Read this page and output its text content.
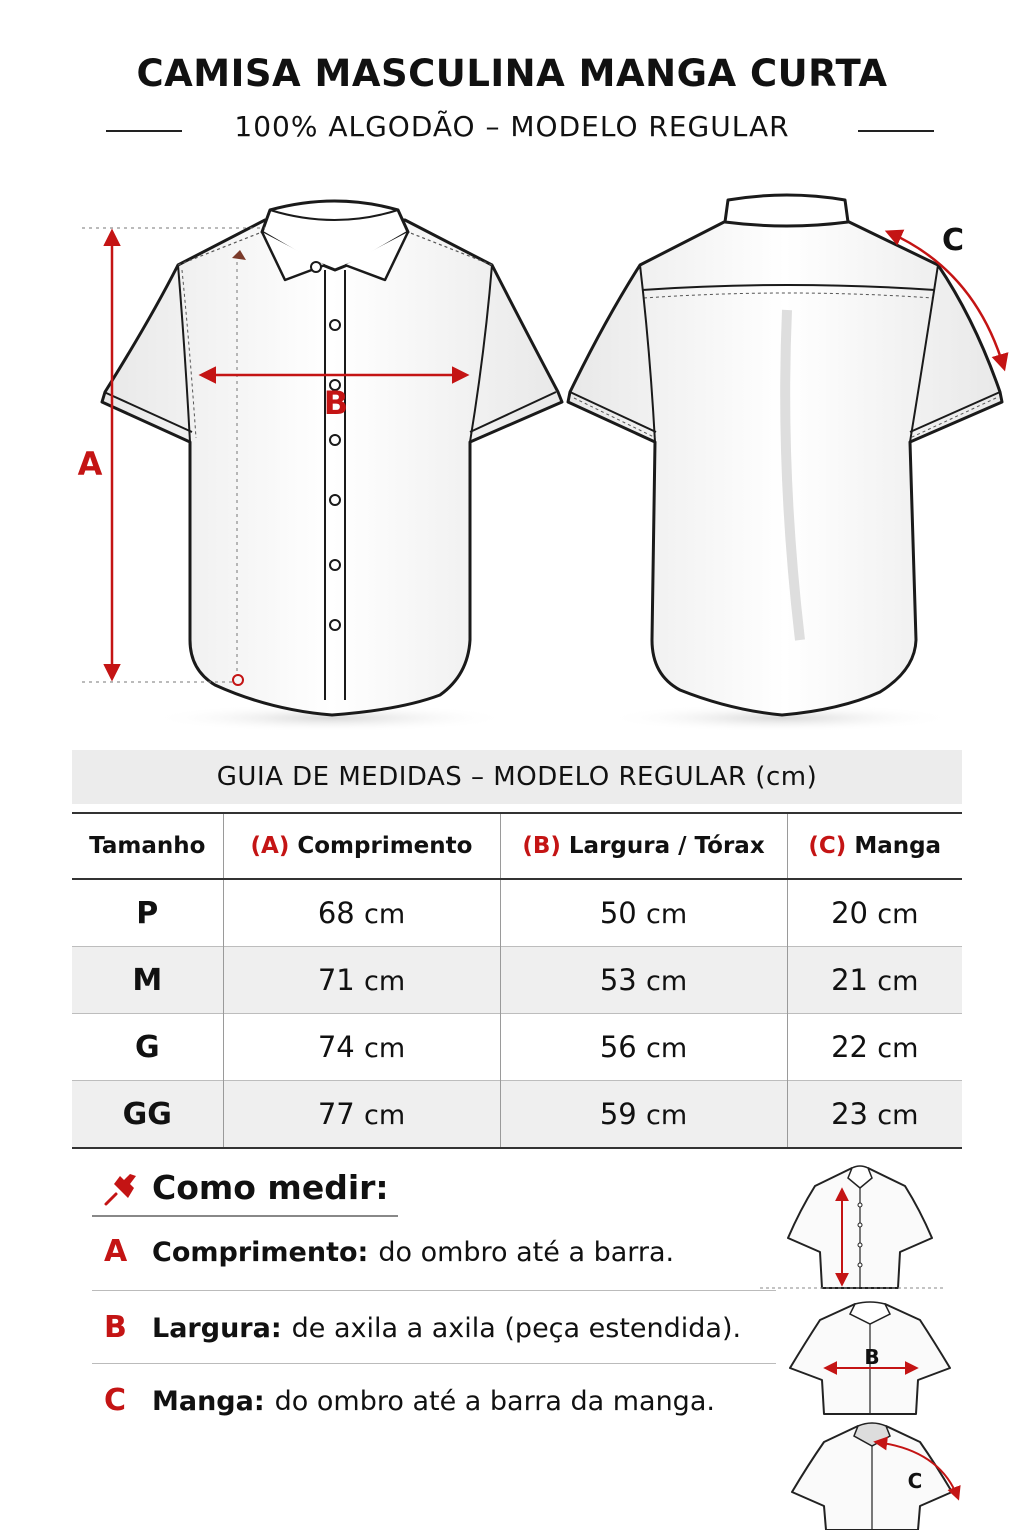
CAMISA MASCULINA MANGA CURTA
100% ALGODÃO – MODELO REGULAR
A
B
C
GUIA DE MEDIDAS – MODELO REGULAR (cm)
Tamanho	(A) Comprimento	(B) Largura / Tórax	(C) Manga
P	68 cm	50 cm	20 cm
M	71 cm	53 cm	21 cm
G	74 cm	56 cm	22 cm
GG	77 cm	59 cm	23 cm
Como medir:
A Comprimento: do ombro até a barra.
B Largura: de axila a axila (peça estendida).
C Manga: do ombro até a barra da manga.
B
C
